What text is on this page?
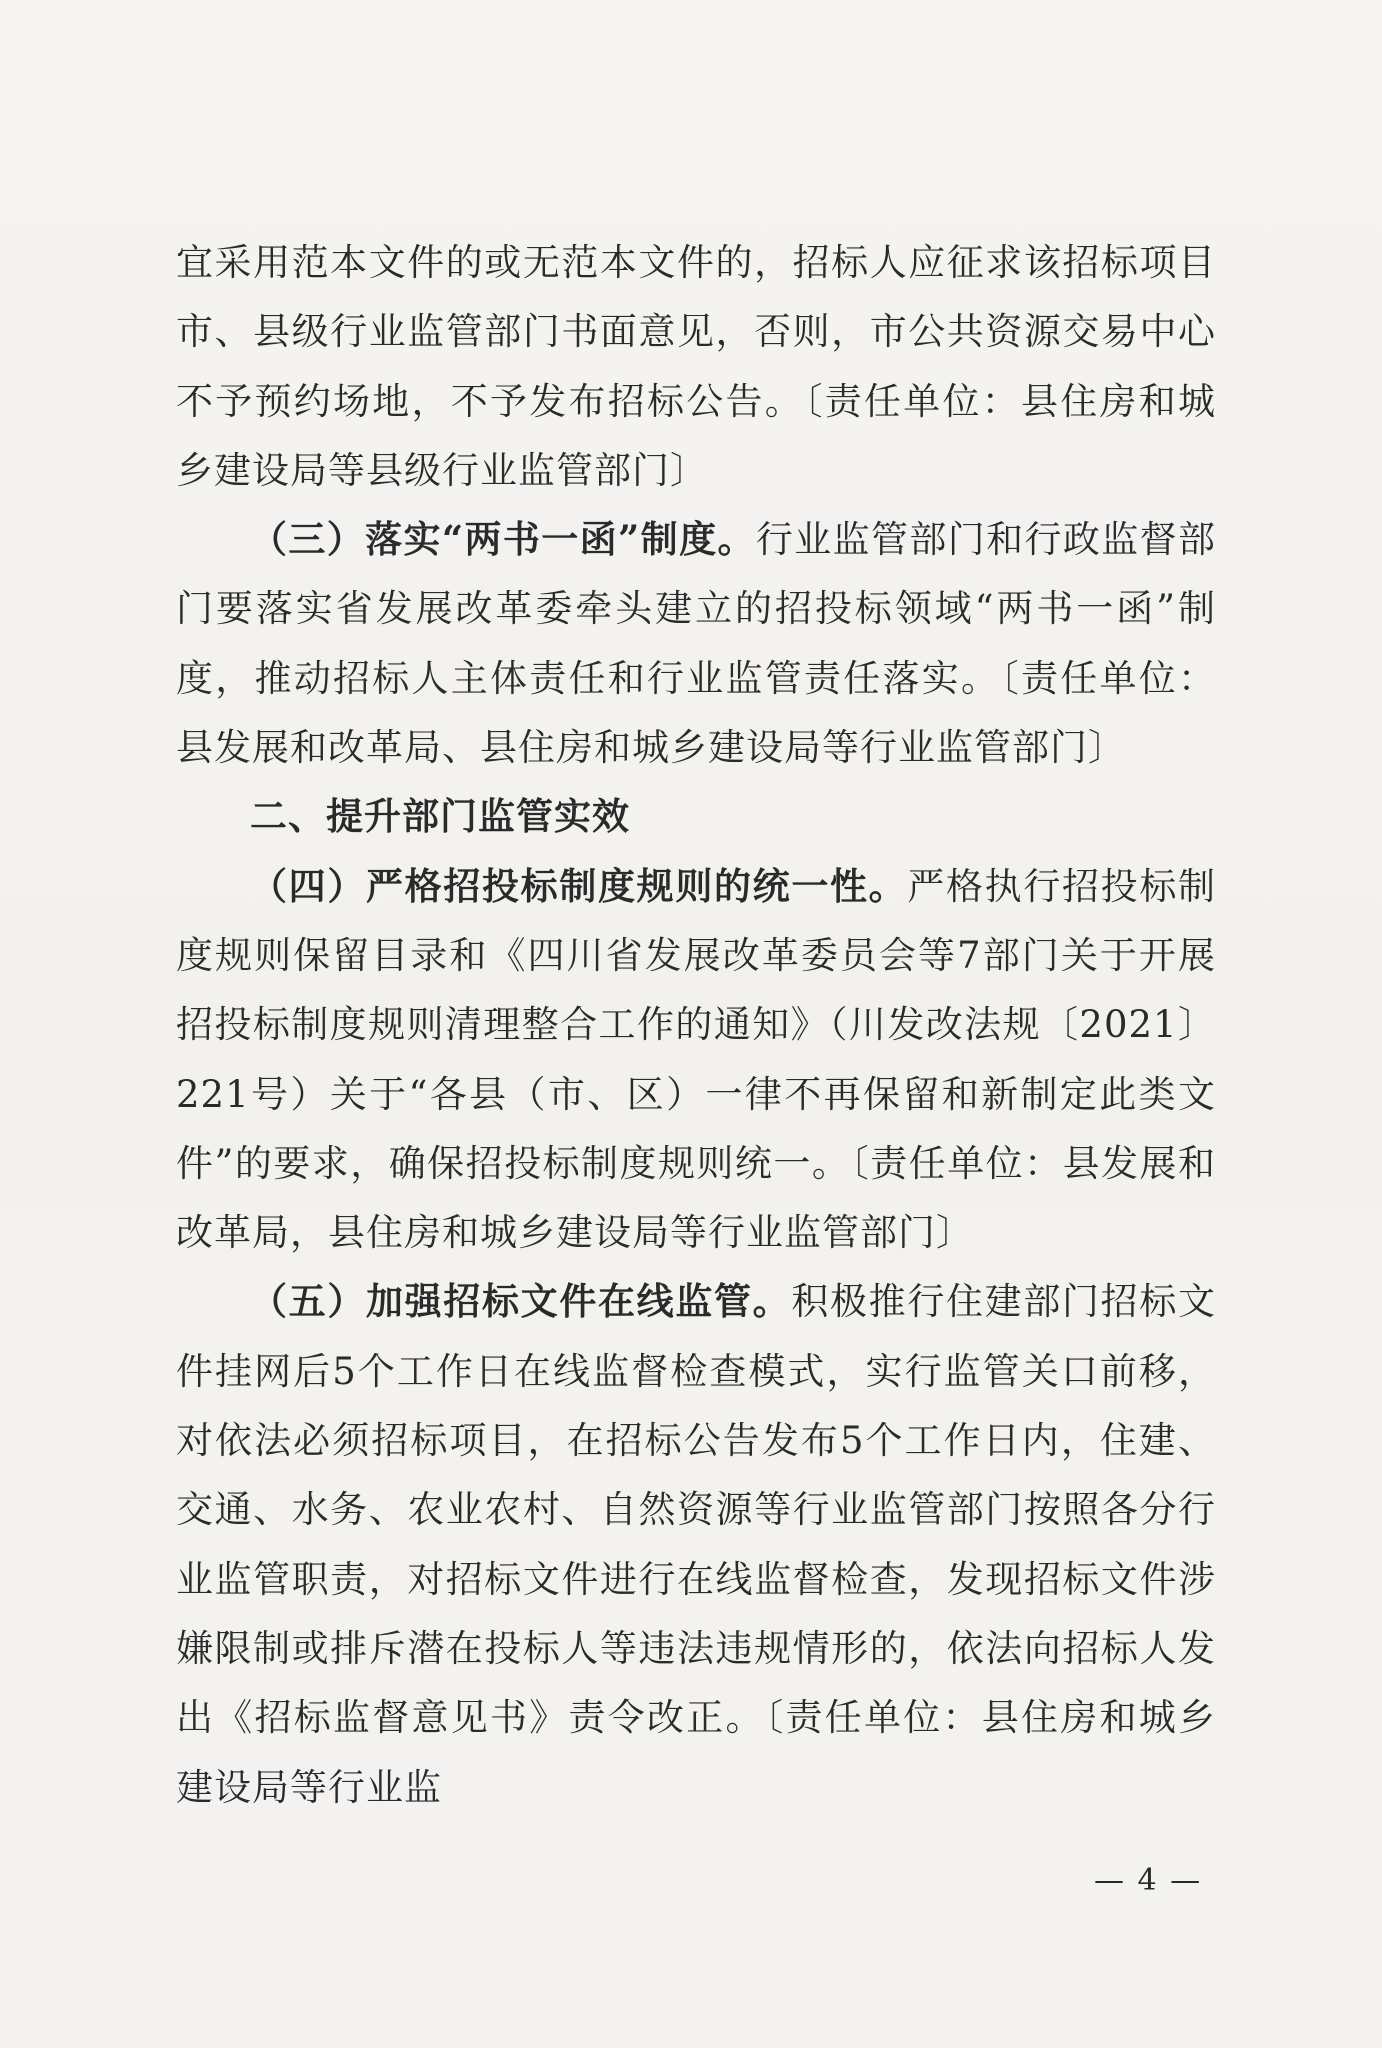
宜采用范本文件的或无范本文件的，招标人应征求该招标项目市、县级行业监管部门书面意见，否则，市公共资源交易中心不予预约场地，不予发布招标公告。〔责任单位：县住房和城乡建设局等县级行业监管部门〕

（三）落实“两书一函”制度。行业监管部门和行政监督部门要落实省发展改革委牵头建立的招投标领域“两书一函”制度，推动招标人主体责任和行业监管责任落实。〔责任单位：县发展和改革局、县住房和城乡建设局等行业监管部门〕

二、提升部门监管实效

（四）严格招投标制度规则的统一性。严格执行招投标制度规则保留目录和《四川省发展改革委员会等7部门关于开展招投标制度规则清理整合工作的通知》（川发改法规〔2021〕221号）关于“各县（市、区）一律不再保留和新制定此类文件”的要求，确保招投标制度规则统一。〔责任单位：县发展和改革局，县住房和城乡建设局等行业监管部门〕

（五）加强招标文件在线监管。积极推行住建部门招标文件挂网后5个工作日在线监督检查模式，实行监管关口前移，对依法必须招标项目，在招标公告发布5个工作日内，住建、交通、水务、农业农村、自然资源等行业监管部门按照各分行业监管职责，对招标文件进行在线监督检查，发现招标文件涉嫌限制或排斥潜在投标人等违法违规情形的，依法向招标人发出《招标监督意见书》责令改正。〔责任单位：县住房和城乡建设局等行业监

— 4 —
